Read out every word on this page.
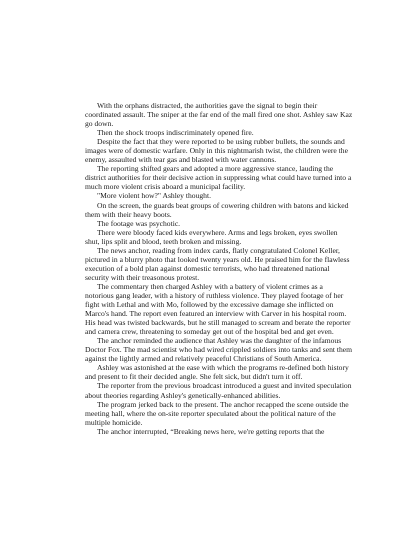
With the orphans distracted, the authorities gave the signal to begin their coordinated assault. The sniper at the far end of the mall fired one shot. Ashley saw Kaz go down.

Then the shock troops indiscriminately opened fire.

Despite the fact that they were reported to be using rubber bullets, the sounds and images were of domestic warfare. Only in this nightmarish twist, the children were the enemy, assaulted with tear gas and blasted with water cannons.

The reporting shifted gears and adopted a more aggressive stance, lauding the district authorities for their decisive action in suppressing what could have turned into a much more violent crisis aboard a municipal facility.

"More violent how?" Ashley thought.

On the screen, the guards beat groups of cowering children with batons and kicked them with their heavy boots.

The footage was psychotic.

There were bloody faced kids everywhere. Arms and legs broken, eyes swollen shut, lips split and blood, teeth broken and missing.

The news anchor, reading from index cards, flatly congratulated Colonel Keller, pictured in a blurry photo that looked twenty years old. He praised him for the flawless execution of a bold plan against domestic terrorists, who had threatened national security with their treasonous protest.

The commentary then charged Ashley with a battery of violent crimes as a notorious gang leader, with a history of ruthless violence. They played footage of her fight with Lethal and with Mo, followed by the excessive damage she inflicted on Marco's hand. The report even featured an interview with Carver in his hospital room. His head was twisted backwards, but he still managed to scream and berate the reporter and camera crew, threatening to someday get out of the hospital bed and get even.

The anchor reminded the audience that Ashley was the daughter of the infamous Doctor Fox. The mad scientist who had wired crippled soldiers into tanks and sent them against the lightly armed and relatively peaceful Christians of South America.

Ashley was astonished at the ease with which the programs re-defined both history and present to fit their decided angle. She felt sick, but didn't turn it off.

The reporter from the previous broadcast introduced a guest and invited speculation about theories regarding Ashley's genetically-enhanced abilities.

The program jerked back to the present. The anchor recapped the scene outside the meeting hall, where the on-site reporter speculated about the political nature of the multiple homicide.

The anchor interrupted, “Breaking news here, we're getting reports that the
